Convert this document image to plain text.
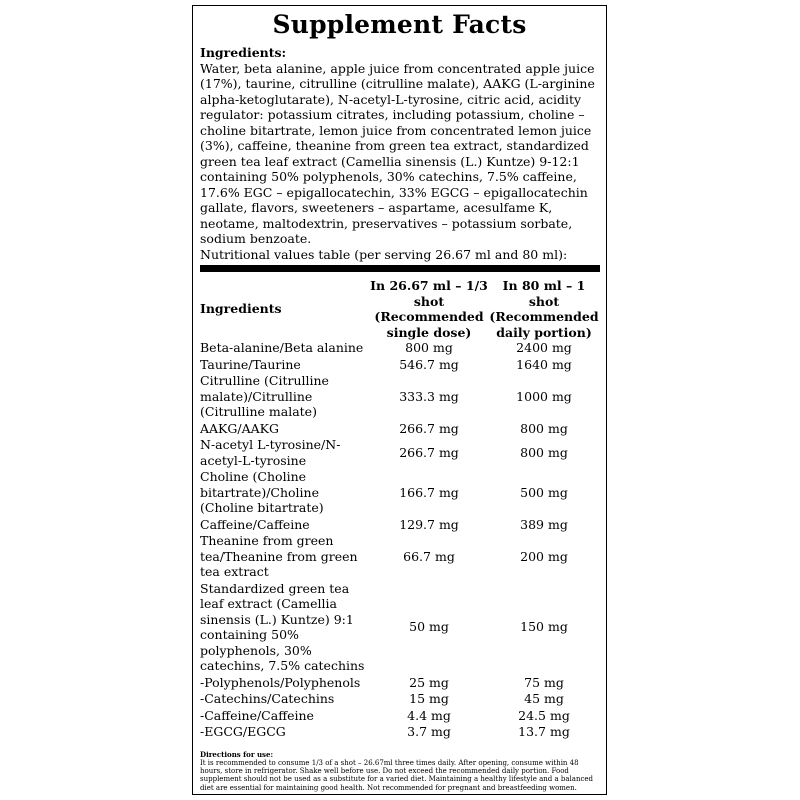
Supplement Facts
Ingredients:
Water, beta alanine, apple juice from concentrated apple juice (17%), taurine, citrulline (citrulline malate), AAKG (L-arginine alpha-ketoglutarate), N-acetyl-L-tyrosine, citric acid, acidity regulator: potassium citrates, including potassium, choline – choline bitartrate, lemon juice from concentrated lemon juice (3%), caffeine, theanine from green tea extract, standardized green tea leaf extract (Camellia sinensis (L.) Kuntze) 9-12:1 containing 50% polyphenols, 30% catechins, 7.5% caffeine, 17.6% EGC – epigallocatechin, 33% EGCG – epigallocatechin gallate, flavors, sweeteners – aspartame, acesulfame K, neotame, maltodextrin, preservatives – potassium sorbate, sodium benzoate.
Nutritional values table (per serving 26.67 ml and 80 ml):
Ingredients	In 26.67 ml – 1/3 shot (Recommended single dose)	In 80 ml – 1 shot (Recommended daily portion)
Beta-alanine/Beta alanine	800 mg	2400 mg
Taurine/Taurine	546.7 mg	1640 mg
Citrulline (Citrulline malate)/Citrulline (Citrulline malate)	333.3 mg	1000 mg
AAKG/AAKG	266.7 mg	800 mg
N-acetyl L-tyrosine/N-acetyl-L-tyrosine	266.7 mg	800 mg
Choline (Choline bitartrate)/Choline (Choline bitartrate)	166.7 mg	500 mg
Caffeine/Caffeine	129.7 mg	389 mg
Theanine from green tea/Theanine from green tea extract	66.7 mg	200 mg
Standardized green tea leaf extract (Camellia sinensis (L.) Kuntze) 9:1 containing 50% polyphenols, 30% catechins, 7.5% catechins	50 mg	150 mg
-Polyphenols/Polyphenols	25 mg	75 mg
-Catechins/Catechins	15 mg	45 mg
-Caffeine/Caffeine	4.4 mg	24.5 mg
-EGCG/EGCG	3.7 mg	13.7 mg
Directions for use:
It is recommended to consume 1/3 of a shot – 26.67ml three times daily. After opening, consume within 48 hours, store in refrigerator. Shake well before use. Do not exceed the recommended daily portion. Food supplement should not be used as a substitute for a varied diet. Maintaining a healthy lifestyle and a balanced diet are essential for maintaining good health. Not recommended for pregnant and breastfeeding women.
